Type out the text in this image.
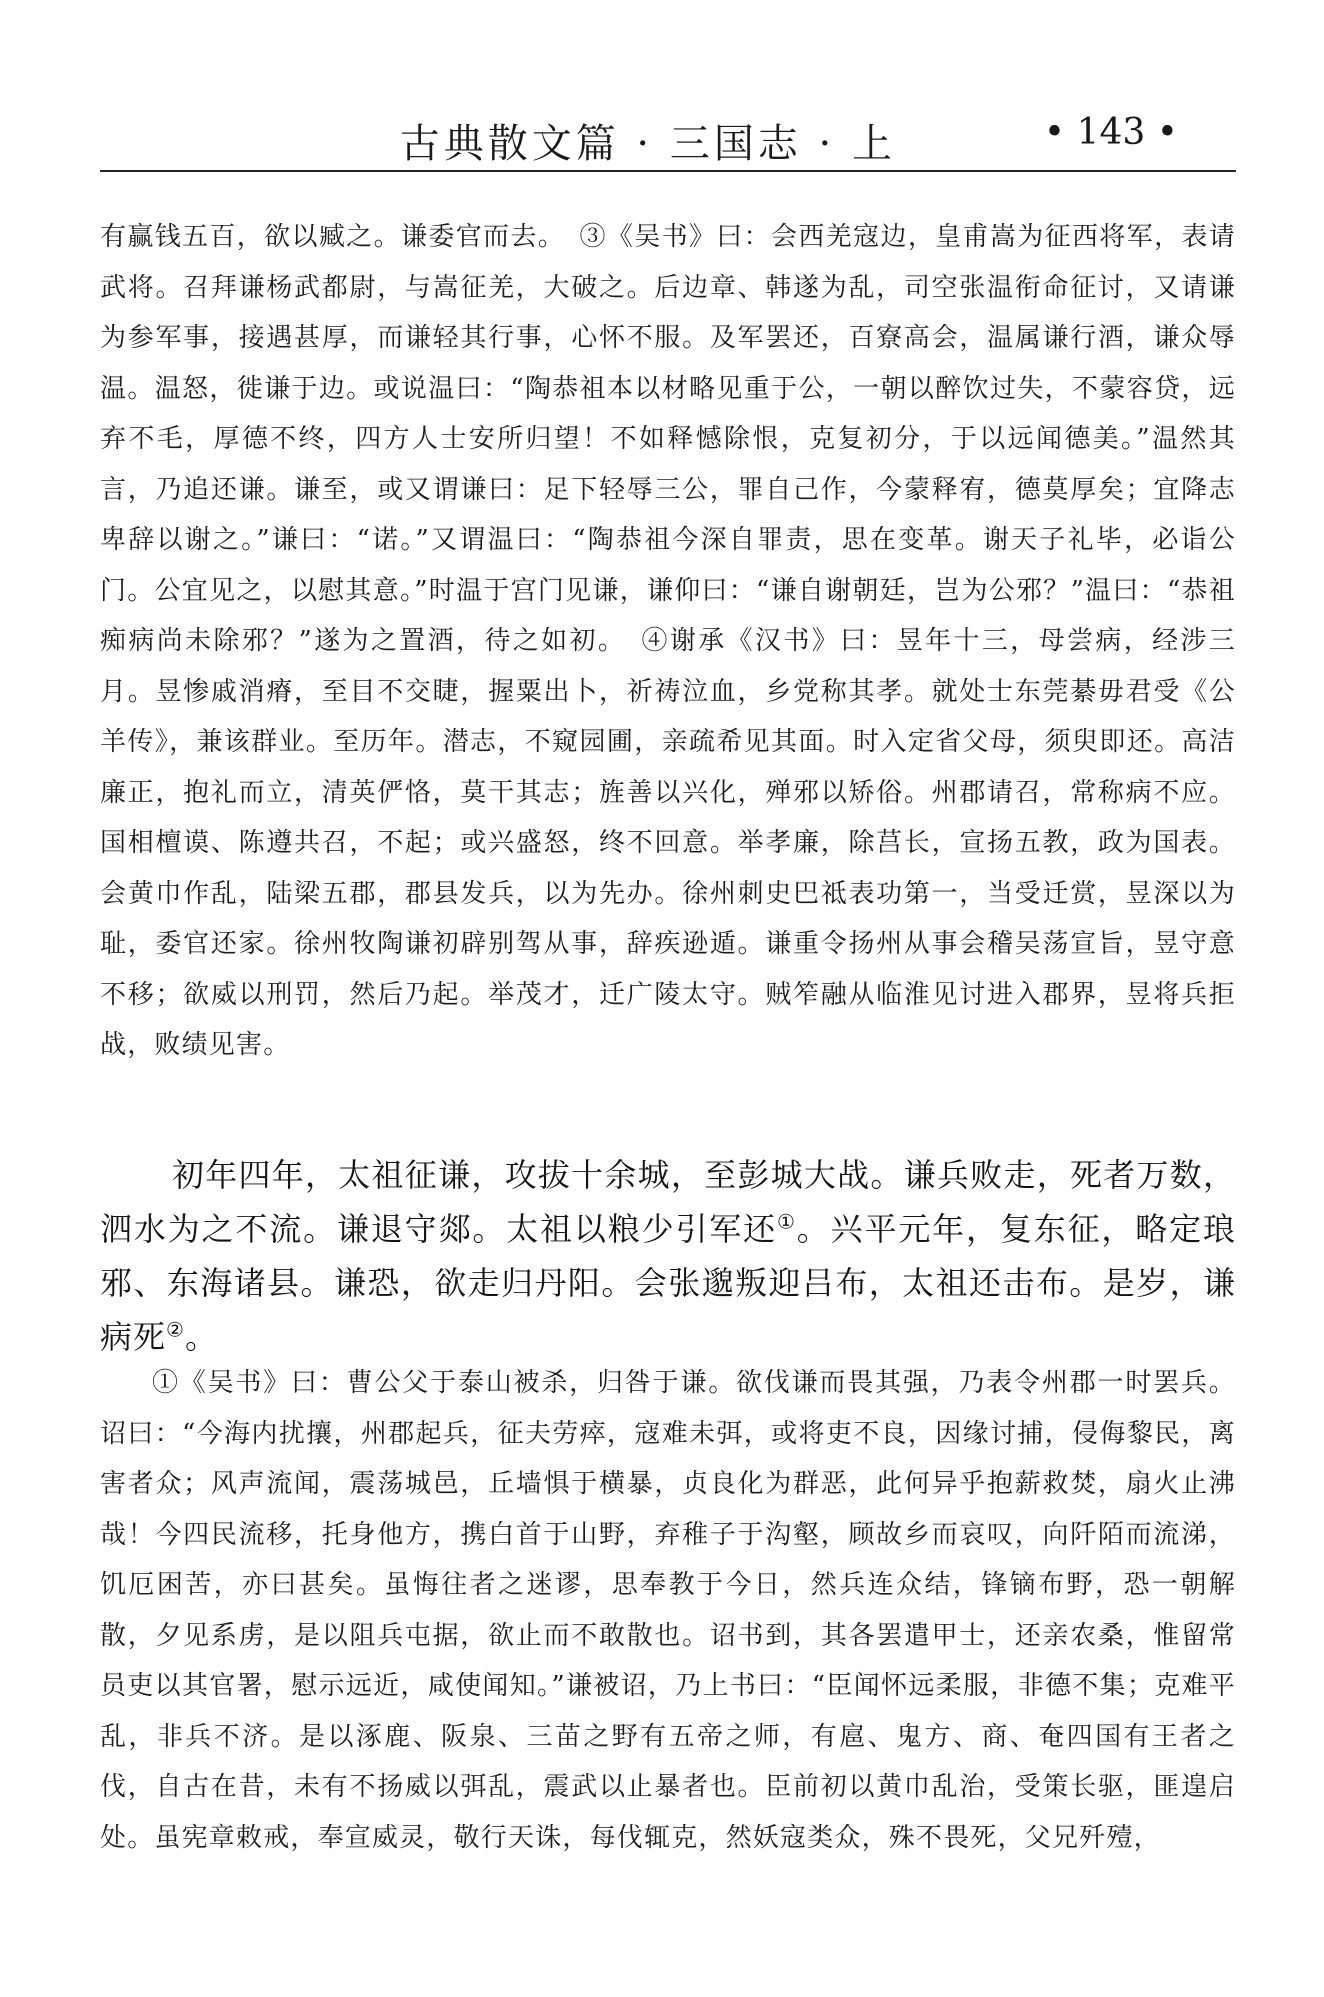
古典散文篇 · 三国志 · 上	• 143 •

有赢钱五百，欲以臧之。谦委官而去。　③《吴书》曰：会西羌寇边，皇甫嵩为征西将军，表请武将。召拜谦杨武都尉，与嵩征羌，大破之。后边章、韩遂为乱，司空张温衔命征讨，又请谦为参军事，接遇甚厚，而谦轻其行事，心怀不服。及军罢还，百寮高会，温属谦行酒，谦众辱温。温怒，徙谦于边。或说温曰：“陶恭祖本以材略见重于公，一朝以醉饮过失，不蒙容贷，远弃不毛，厚德不终，四方人士安所归望！不如释憾除恨，克复初分，于以远闻德美。”温然其言，乃追还谦。谦至，或又谓谦曰：足下轻辱三公，罪自己作，今蒙释宥，德莫厚矣；宜降志卑辞以谢之。”谦曰：“诺。”又谓温曰：“陶恭祖今深自罪责，思在变革。谢天子礼毕，必诣公门。公宜见之，以慰其意。”时温于宫门见谦，谦仰曰：“谦自谢朝廷，岂为公邪？”温曰：“恭祖痴病尚未除邪？”遂为之置酒，待之如初。　④谢承《汉书》曰：昱年十三，母尝病，经涉三月。昱惨戚消瘠，至目不交睫，握粟出卜，祈祷泣血，乡党称其孝。就处士东莞綦毋君受《公羊传》，兼该群业。至历年。潜志，不窥园圃，亲疏希见其面。时入定省父母，须臾即还。高洁廉正，抱礼而立，清英俨恪，莫干其志；旌善以兴化，殚邪以矫俗。州郡请召，常称病不应。国相檀谟、陈遵共召，不起；或兴盛怒，终不回意。举孝廉，除莒长，宣扬五教，政为国表。会黄巾作乱，陆梁五郡，郡县发兵，以为先办。徐州刺史巴祗表功第一，当受迁赏，昱深以为耻，委官还家。徐州牧陶谦初辟别驾从事，辞疾逊遁。谦重令扬州从事会稽吴荡宣旨，昱守意不移；欲威以刑罚，然后乃起。举茂才，迁广陵太守。贼笮融从临淮见讨进入郡界，昱将兵拒战，败绩见害。

初年四年，太祖征谦，攻拔十余城，至彭城大战。谦兵败走，死者万数，泗水为之不流。谦退守郯。太祖以粮少引军还①。兴平元年，复东征，略定琅邪、东海诸县。谦恐，欲走归丹阳。会张邈叛迎吕布，太祖还击布。是岁，谦病死②。

①《吴书》曰：曹公父于泰山被杀，归咎于谦。欲伐谦而畏其强，乃表令州郡一时罢兵。诏曰：“今海内扰攘，州郡起兵，征夫劳瘁，寇难未弭，或将吏不良，因缘讨捕，侵侮黎民，离害者众；风声流闻，震荡城邑，丘墙惧于横暴，贞良化为群恶，此何异乎抱薪救焚，扇火止沸哉！今四民流移，托身他方，携白首于山野，弃稚子于沟壑，顾故乡而哀叹，向阡陌而流涕，饥厄困苦，亦曰甚矣。虽悔往者之迷谬，思奉教于今日，然兵连众结，锋镝布野，恐一朝解散，夕见系虏，是以阻兵屯据，欲止而不敢散也。诏书到，其各罢遣甲士，还亲农桑，惟留常员吏以其官署，慰示远近，咸使闻知。”谦被诏，乃上书曰：“臣闻怀远柔服，非德不集；克难平乱，非兵不济。是以涿鹿、阪泉、三苗之野有五帝之师，有扈、鬼方、商、奄四国有王者之伐，自古在昔，未有不扬威以弭乱，震武以止暴者也。臣前初以黄巾乱治，受策长驱，匪遑启处。虽宪章敕戒，奉宣威灵，敬行天诛，每伐辄克，然妖寇类众，殊不畏死，父兄歼殪，
